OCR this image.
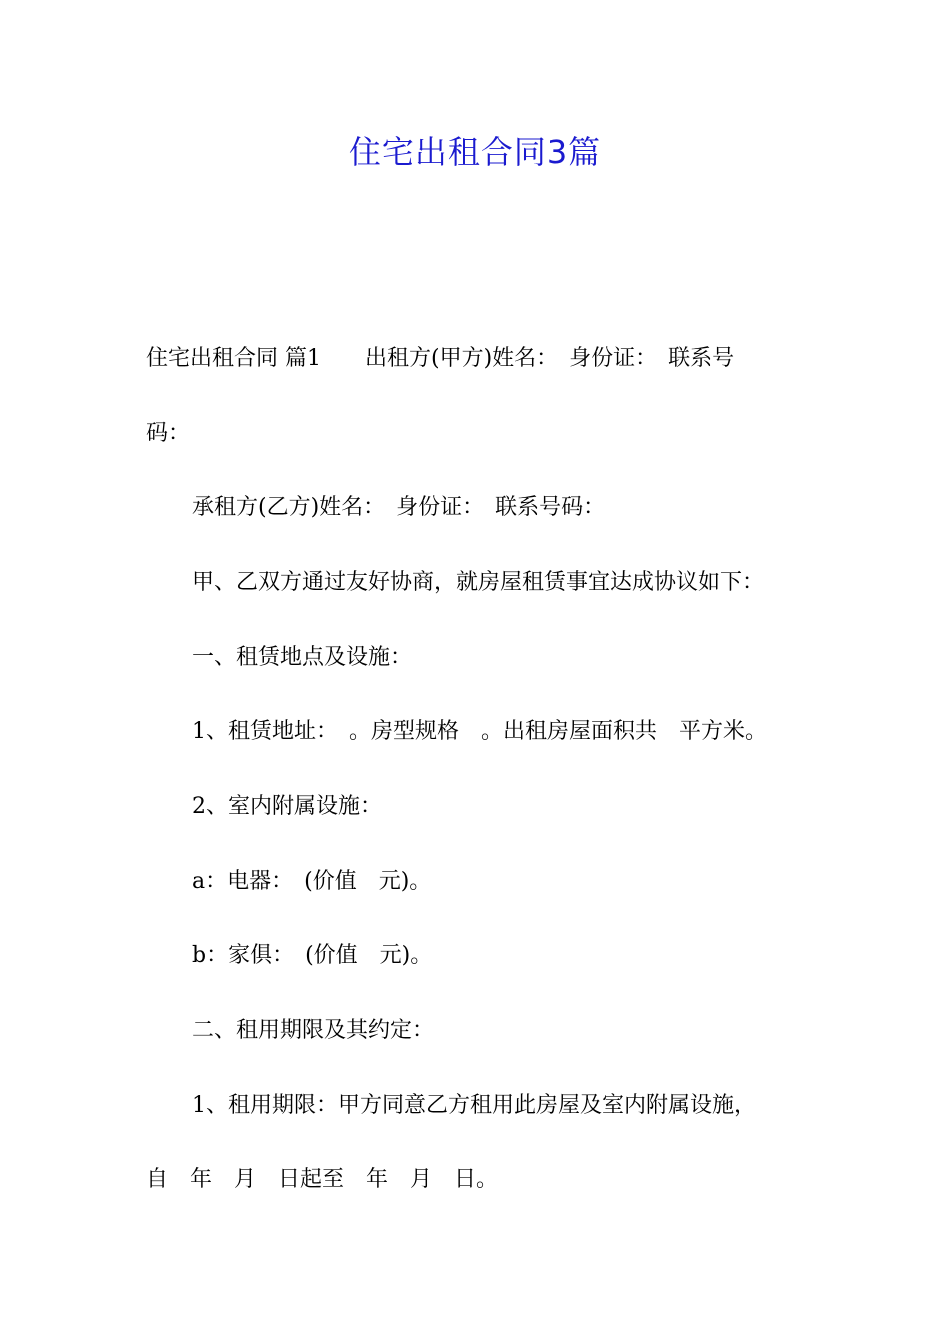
住宅出租合同3篇
住宅出租合同 篇1　　出租方(甲方)姓名：　身份证：　联系号
码：
承租方(乙方)姓名：　身份证：　联系号码：
甲、乙双方通过友好协商，就房屋租赁事宜达成协议如下：
一、租赁地点及设施：
1、租赁地址：　。房型规格　。出租房屋面积共　平方米。
2、室内附属设施：
a：电器：　(价值　元)。
b：家俱：　(价值　元)。
二、租用期限及其约定：
1、租用期限：甲方同意乙方租用此房屋及室内附属设施，
自　年　月　日起至　年　月　日。
